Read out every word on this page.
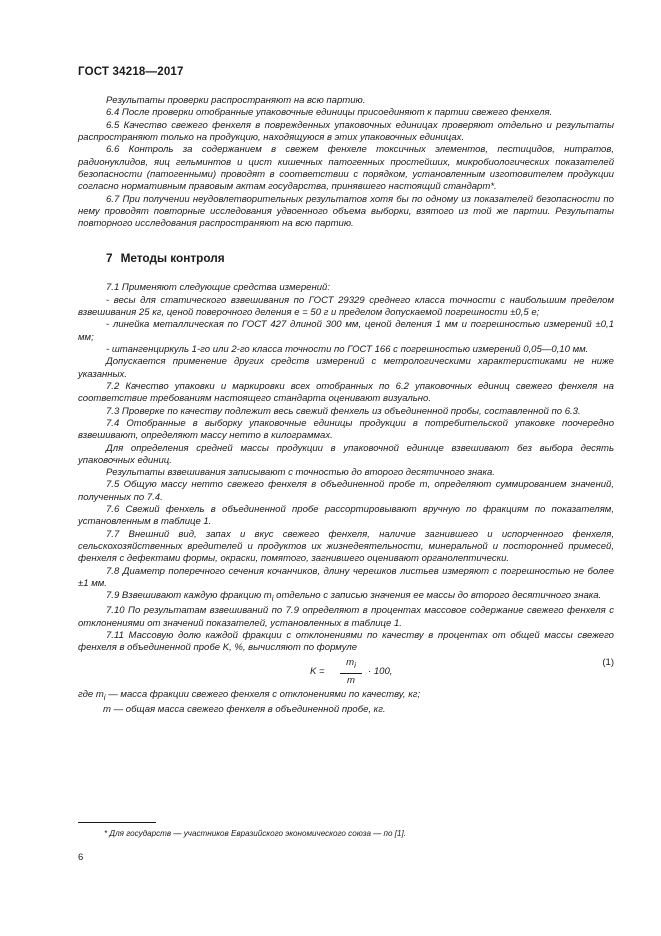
ГОСТ 34218—2017

Результаты проверки распространяют на всю партию.

6.4 После проверки отобранные упаковочные единицы присоединяют к партии свежего фенхеля.

6.5 Качество свежего фенхеля в поврежденных упаковочных единицах проверяют отдельно и результаты распространяют только на продукцию, находящуюся в этих упаковочных единицах.

6.6 Контроль за содержанием в свежем фенхеле токсичных элементов, пестицидов, нитратов, радионуклидов, яиц гельминтов и цист кишечных патогенных простейших, микробиологических показателей безопасности (патогенными) проводят в соответствии с порядком, установленным изготовителем продукции согласно нормативным правовым актам государства, принявшего настоящий стандарт*.

6.7 При получении неудовлетворительных результатов хотя бы по одному из показателей безопасности по нему проводят повторные исследования удвоенного объема выборки, взятого из той же партии. Результаты повторного исследования распространяют на всю партию.

7 Методы контроля

7.1 Применяют следующие средства измерений:

- весы для статического взвешивания по ГОСТ 29329 среднего класса точности с наибольшим пределом взвешивания 25 кг, ценой поверочного деления е = 50 г и пределом допускаемой погрешности ±0,5 е;

- линейка металлическая по ГОСТ 427 длиной 300 мм, ценой деления 1 мм и погрешностью измерений ±0,1 мм;

- штангенциркуль 1-го или 2-го класса точности по ГОСТ 166 с погрешностью измерений 0,05—0,10 мм.

Допускается применение других средств измерений с метрологическими характеристиками не ниже указанных.

7.2 Качество упаковки и маркировки всех отобранных по 6.2 упаковочных единиц свежего фенхеля на соответствие требованиям настоящего стандарта оценивают визуально.

7.3 Проверке по качеству подлежит весь свежий фенхель из объединенной пробы, составленной по 6.3.

7.4 Отобранные в выборку упаковочные единицы продукции в потребительской упаковке поочередно взвешивают, определяют массу нетто в килограммах.

Для определения средней массы продукции в упаковочной единице взвешивают без выбора десять упаковочных единиц.

Результаты взвешивания записывают с точностью до второго десятичного знака.

7.5 Общую массу нетто свежего фенхеля в объединенной пробе m, определяют суммированием значений, полученных по 7.4.

7.6 Свежий фенхель в объединенной пробе рассортировывают вручную по фракциям по показателям, установленным в таблице 1.

7.7 Внешний вид, запах и вкус свежего фенхеля, наличие загнившего и испорченного фенхеля, сельскохозяйственных вредителей и продуктов их жизнедеятельности, минеральной и посторонней примесей, фенхеля с дефектами формы, окраски, помятого, загнившего оценивают органолептически.

7.8 Диаметр поперечного сечения кочанчиков, длину черешков листьев измеряют с погрешностью не более ±1 мм.

7.9 Взвешивают каждую фракцию $m_i$ отдельно с записью значения ее массы до второго десятичного знака.

7.10 По результатам взвешиваний по 7.9 определяют в процентах массовое содержание свежего фенхеля с отклонениями от значений показателей, установленных в таблице 1.

7.11 Массовую долю каждой фракции с отклонениями по качеству в процентах от общей массы свежего фенхеля в объединенной пробе K, %, вычисляют по формуле

$K = \frac{m_i}{m} \cdot 100$,
(1)

где $m_i$ — масса фракции свежего фенхеля с отклонениями по качеству, кг;

m — общая масса свежего фенхеля в объединенной пробе, кг.

* Для государств — участников Евразийского экономического союза — по [1].
6
